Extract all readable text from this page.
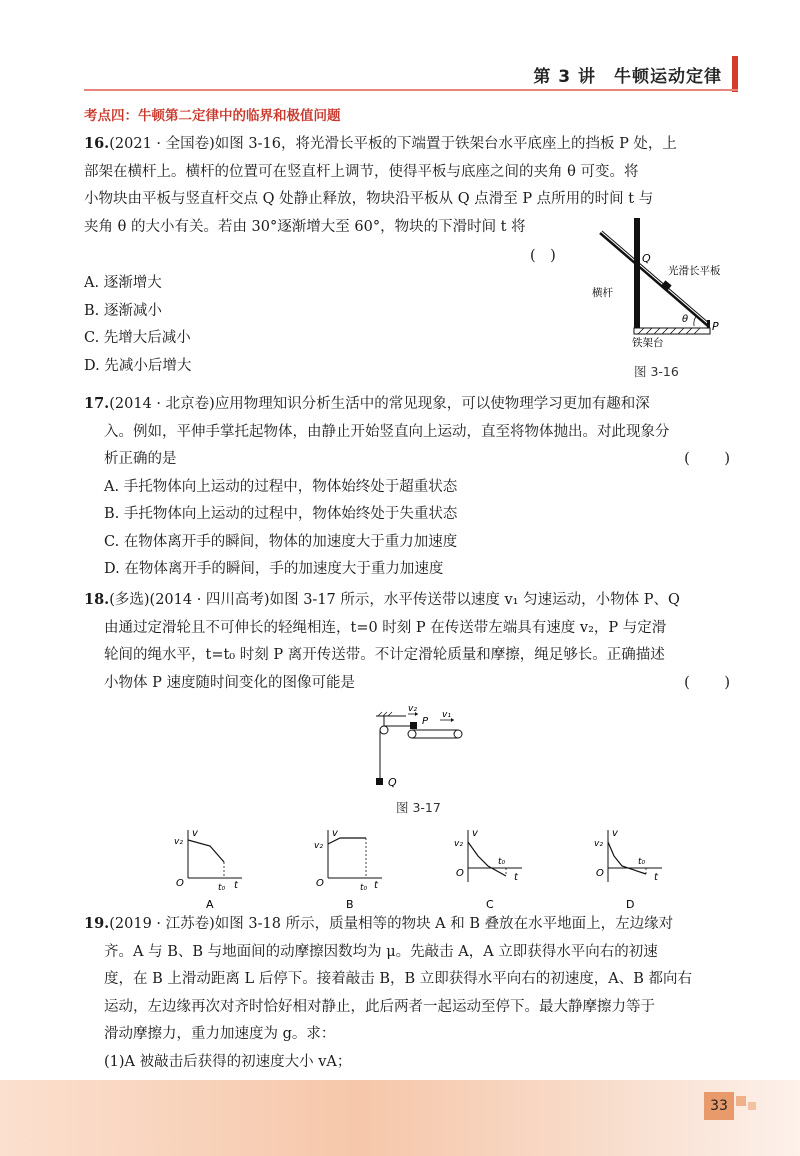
第 3 讲　牛顿运动定律
考点四：牛顿第二定律中的临界和极值问题

16.(2021 · 全国卷)如图 3-16，将光滑长平板的下端置于铁架台水平底座上的挡板 P 处，上

部架在横杆上。横杆的位置可在竖直杆上调节，使得平板与底座之间的夹角 θ 可变。将

小物块由平板与竖直杆交点 Q 处静止释放，物块沿平板从 Q 点滑至 P 点所用的时间 t 与

夹角 θ 的大小有关。若由 30°逐渐增大至 60°，物块的下滑时间 t 将

(　)

A. 逐渐增大

B. 逐渐减小

C. 先增大后减小

D. 先减小后增大

Q
P
θ
光滑长平板
横杆
铁架台
图 3-16

17.(2014 · 北京卷)应用物理知识分析生活中的常见现象，可以使物理学习更加有趣和深

入。例如，平伸手掌托起物体，由静止开始竖直向上运动，直至将物体抛出。对此现象分

析正确的是	(　)

A. 手托物体向上运动的过程中，物体始终处于超重状态

B. 手托物体向上运动的过程中，物体始终处于失重状态

C. 在物体离开手的瞬间，物体的加速度大于重力加速度

D. 在物体离开手的瞬间，手的加速度大于重力加速度

18.(多选)(2014 · 四川高考)如图 3-17 所示，水平传送带以速度 v₁ 匀速运动，小物体 P、Q

由通过定滑轮且不可伸长的轻绳相连，t=0 时刻 P 在传送带左端具有速度 v₂，P 与定滑

轮间的绳水平，t=t₀ 时刻 P 离开传送带。不计定滑轮质量和摩擦，绳足够长。正确描述

小物体 P 速度随时间变化的图像可能是	(　)

v₂
P
v₁
Q
图 3-17
v
v₂
O	t₀ t
A
v
v₂
O	t₀ t
B
v
v₂
O
t₀
t
C
v
v₂
O
t₀
t
D

19.(2019 · 江苏卷)如图 3-18 所示，质量相等的物块 A 和 B 叠放在水平地面上，左边缘对

齐。A 与 B、B 与地面间的动摩擦因数均为 μ。先敲击 A，A 立即获得水平向右的初速

度，在 B 上滑动距离 L 后停下。接着敲击 B，B 立即获得水平向右的初速度，A、B 都向右

运动，左边缘再次对齐时恰好相对静止，此后两者一起运动至停下。最大静摩擦力等于

滑动摩擦力，重力加速度为 g。求：

(1)A 被敲击后获得的初速度大小 vA；

33
